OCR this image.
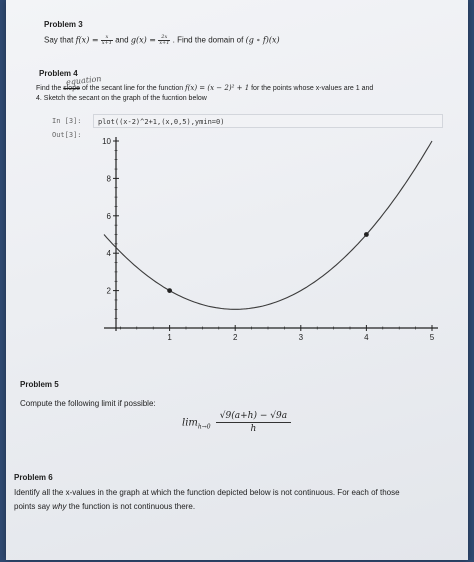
Problem 3
Say that $f(x) = \frac{x}{x+1}$ and $g(x) = \frac{2x}{x+1}$ . Find the domain of (g ∘ f)(x)
Problem 4
equation
Find the slope of the secant line for the function f(x) = (x − 2)² + 1 for the points whose x-values are 1 and
4. Sketch the secant on the graph of the fucntion below
In [3]:	plot((x-2)^2+1,(x,0,5),ymin=0)
Out[3]:
1	2	3	4	5
2
4
6
8
10
Problem 5
Compute the following limit if possible:
$\lim_{h\to 0} \frac{√9(a+h) - √9a}{h}$
Problem 6
Identify all the x-values in the graph at which the function depicted below is not continuous. For each of those
points say why the function is not continuous there.
